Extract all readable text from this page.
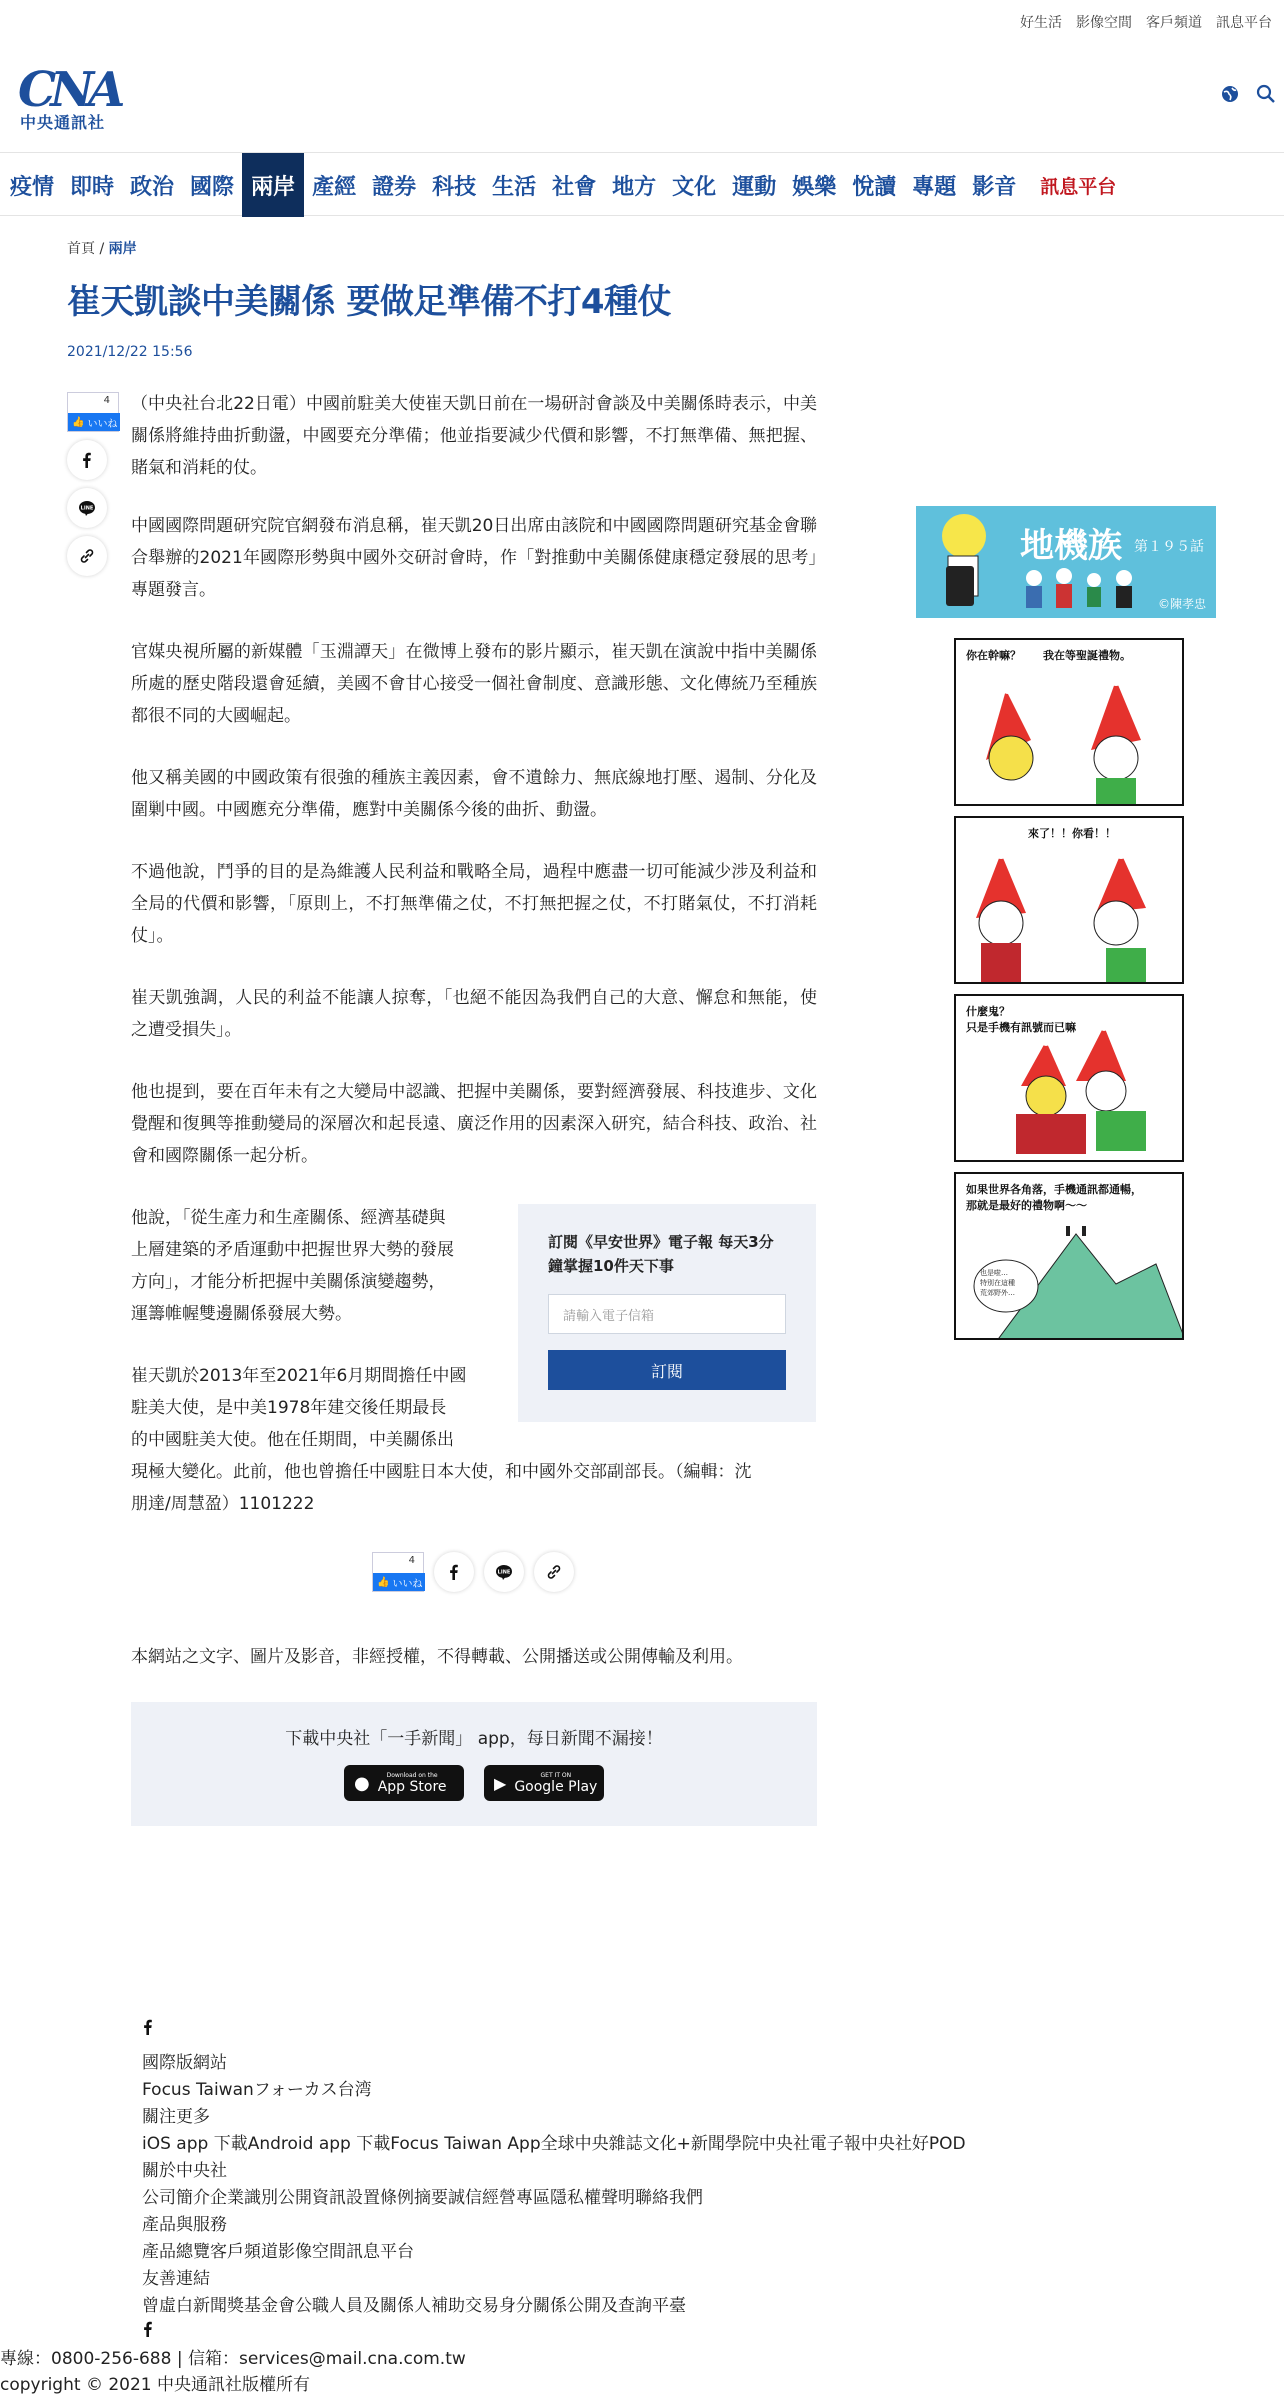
好生活 影像空間 客戶頻道 訊息平台
CNA
中央通訊社
疫情 即時 政治 國際 兩岸 產經 證券 科技 生活 社會 地方 文化 運動 娛樂 悅讀 專題 影音	訊息平台
首頁 / 兩岸
崔天凱談中美關係 要做足準備不打4種仗
2021/12/22 15:56
4
👍 いいね
LINE
（中央社台北22日電）中國前駐美大使崔天凱日前在一場研討會談及中美關係時表示，中美關係將維持曲折動盪，中國要充分準備；他並指要減少代價和影響，不打無準備、無把握、賭氣和消耗的仗。
中國國際問題研究院官網發布消息稱，崔天凱20日出席由該院和中國國際問題研究基金會聯合舉辦的2021年國際形勢與中國外交研討會時，作「對推動中美關係健康穩定發展的思考」專題發言。
官媒央視所屬的新媒體「玉淵譚天」在微博上發布的影片顯示，崔天凱在演說中指中美關係所處的歷史階段還會延續，美國不會甘心接受一個社會制度、意識形態、文化傳統乃至種族都很不同的大國崛起。
他又稱美國的中國政策有很強的種族主義因素，會不遺餘力、無底線地打壓、遏制、分化及圍剿中國。中國應充分準備，應對中美關係今後的曲折、動盪。
不過他說，鬥爭的目的是為維護人民利益和戰略全局，過程中應盡一切可能減少涉及利益和全局的代價和影響，「原則上，不打無準備之仗，不打無把握之仗，不打賭氣仗，不打消耗仗」。
崔天凱強調，人民的利益不能讓人掠奪，「也絕不能因為我們自己的大意、懈怠和無能，使之遭受損失」。
他也提到，要在百年未有之大變局中認識、把握中美關係，要對經濟發展、科技進步、文化覺醒和復興等推動變局的深層次和起長遠、廣泛作用的因素深入研究，結合科技、政治、社會和國際關係一起分析。
他說，「從生產力和生產關係、經濟基礎與
上層建築的矛盾運動中把握世界大勢的發展
方向」，才能分析把握中美關係演變趨勢，
運籌帷幄雙邊關係發展大勢。
崔天凱於2013年至2021年6月期間擔任中國
駐美大使，是中美1978年建交後任期最長
的中國駐美大使。他在任期間，中美關係出
現極大變化。此前，他也曾擔任中國駐日本大使，和中國外交部副部長。（編輯：沈
朋達/周慧盈）1101222
訂閱《早安世界》電子報 每天3分鐘掌握10件天下事
請輸入電子信箱
訂閱
4
👍 いいね
LINE
本網站之文字、圖片及影音，非經授權，不得轉載、公開播送或公開傳輸及利用。
下載中央社「一手新聞」 app，每日新聞不漏接！
●	Download on the
App Store	▶	GET IT ON
Google Play
地機族 第１９５話
©陳孝忠
你在幹嘛？　　我在等聖誕禮物。
來了！！你看！！
什麼鬼？
只是手機有訊號而已嘛
如果世界各角落，手機通訊都通暢，
那就是最好的禮物啊～～
也是啦…
特別在這種
荒郊野外…
國際版網站
Focus Taiwanフォーカス台湾
關注更多
iOS app 下載Android app 下載Focus Taiwan App全球中央雜誌文化+新聞學院中央社電子報中央社好POD
關於中央社
公司簡介企業識別公開資訊設置條例摘要誠信經營專區隱私權聲明聯絡我們
產品與服務
產品總覽客戶頻道影像空間訊息平台
友善連結
曾虛白新聞獎基金會公職人員及關係人補助交易身分關係公開及查詢平臺
專線：0800-256-688 | 信箱：services@mail.cna.com.tw
copyright © 2021 中央通訊社版權所有
